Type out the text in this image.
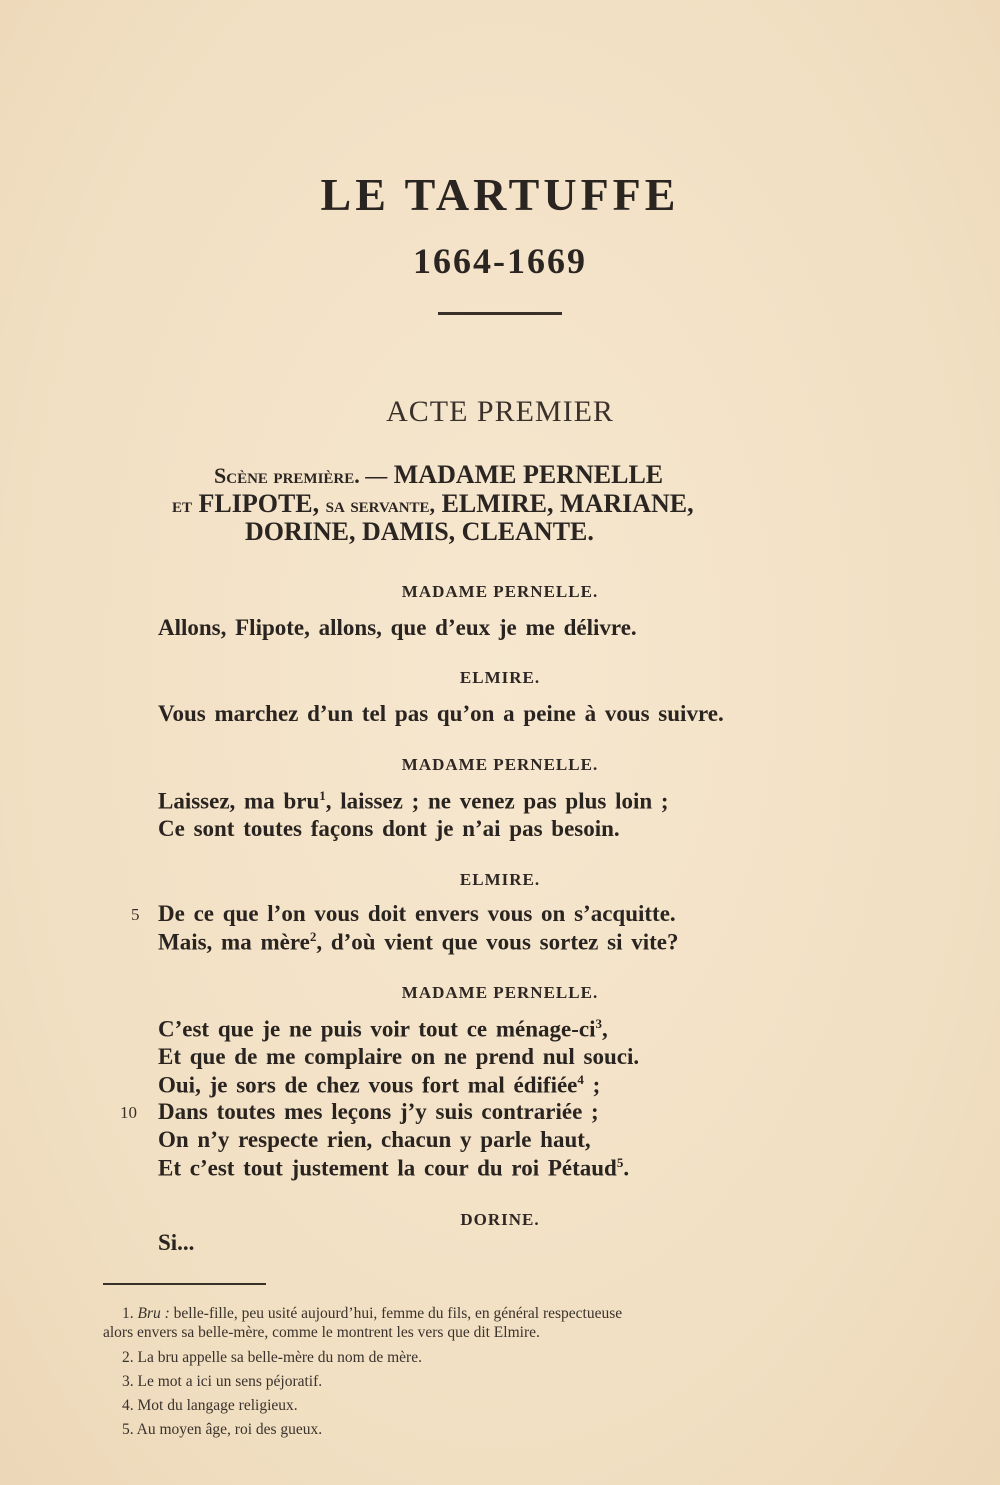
LE TARTUFFE
1664-1669
ACTE PREMIER
Scène première. — MADAME PERNELLE
et FLIPOTE, sa servante, ELMIRE, MARIANE,
DORINE, DAMIS, CLEANTE.
MADAME PERNELLE.
Allons, Flipote, allons, que d’eux je me délivre.
ELMIRE.
Vous marchez d’un tel pas qu’on a peine à vous suivre.
MADAME PERNELLE.
Laissez, ma bru$^1$, laissez ; ne venez pas plus loin ;
Ce sont toutes façons dont je n’ai pas besoin.
ELMIRE.
5 De ce que l’on vous doit envers vous on s’acquitte.
Mais, ma mère$^2$, d’où vient que vous sortez si vite?
MADAME PERNELLE.
C’est que je ne puis voir tout ce ménage-$ci^3$,
Et que de me complaire on ne prend nul souci.
Oui, je sors de chez vous fort mal édifiée$^4$ ;
10 Dans toutes mes leçons j’y suis contrariée ;
On n’y respecte rien, chacun y parle haut,
Et c’est tout justement la cour du roi Pétaud$^5$.
DORINE.
Si...
1. Bru : belle-fille, peu usité aujourd’hui, femme du fils, en général respectueuse
alors envers sa belle-mère, comme le montrent les vers que dit Elmire.
2. La bru appelle sa belle-mère du nom de mère.
3. Le mot a ici un sens péjoratif.
4. Mot du langage religieux.
5. Au moyen âge, roi des gueux.
